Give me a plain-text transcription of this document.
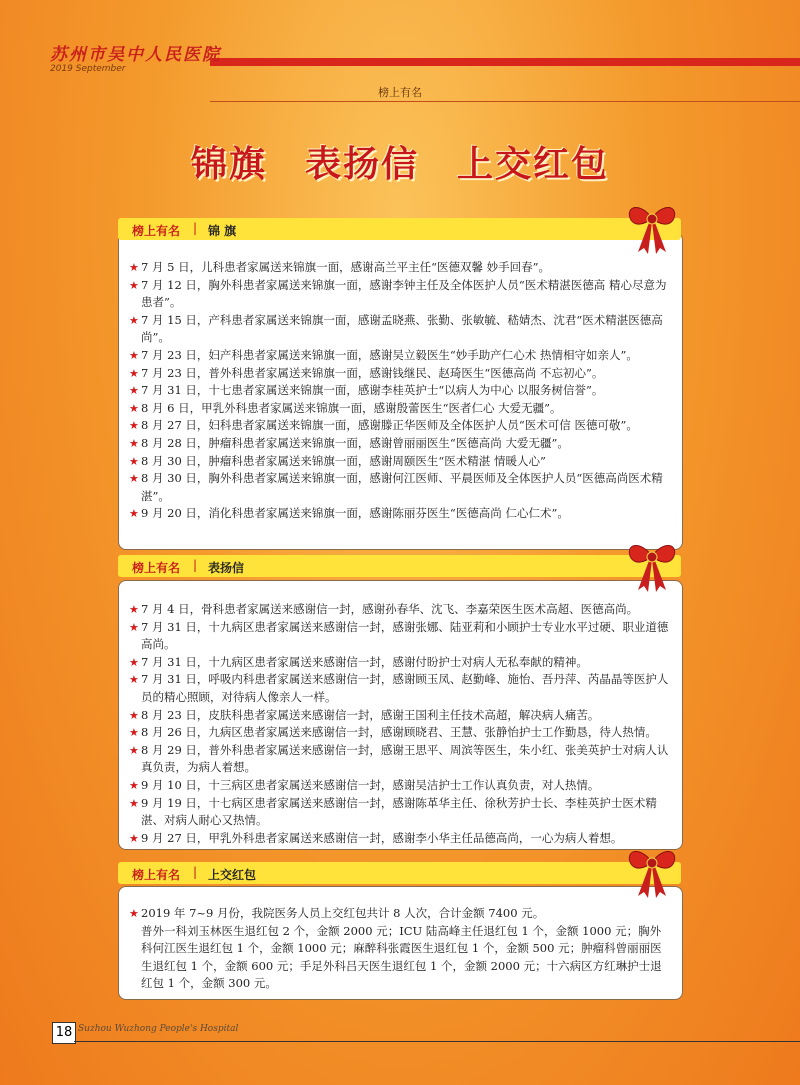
苏州市吴中人民医院
2019 September
榜上有名
锦旗　表扬信　上交红包
★ 7 月 5 日，儿科患者家属送来锦旗一面，感谢高兰平主任“医德双馨 妙手回春”。
★ 7 月 12 日，胸外科患者家属送来锦旗一面，感谢李钟主任及全体医护人员“医术精湛医德高 精心尽意为患者”。
★ 7 月 15 日，产科患者家属送来锦旗一面，感谢孟晓燕、张勤、张敏毓、嵇婧杰、沈君“医术精湛医德高尚”。
★ 7 月 23 日，妇产科患者家属送来锦旗一面，感谢吴立毅医生“妙手助产仁心术 热情相守如亲人”。
★ 7 月 23 日，普外科患者家属送来锦旗一面，感谢钱继民、赵琦医生“医德高尚 不忘初心”。
★ 7 月 31 日，十七患者家属送来锦旗一面，感谢李桂英护士“以病人为中心 以服务树信誉”。
★ 8 月 6 日，甲乳外科患者家属送来锦旗一面，感谢殷蕾医生“医者仁心 大爱无疆”。
★ 8 月 27 日，妇科患者家属送来锦旗一面，感谢滕正华医师及全体医护人员“医术可信 医德可敬”。
★ 8 月 28 日，肿瘤科患者家属送来锦旗一面，感谢曾丽丽医生“医德高尚 大爱无疆”。
★ 8 月 30 日，肿瘤科患者家属送来锦旗一面，感谢周颐医生“医术精湛 情暖人心”
★ 8 月 30 日，胸外科患者家属送来锦旗一面，感谢何江医师、平晨医师及全体医护人员“医德高尚医术精湛”。
★ 9 月 20 日，消化科患者家属送来锦旗一面，感谢陈丽芬医生“医德高尚 仁心仁术”。
榜上有名 | 锦 旗
★ 7 月 4 日，骨科患者家属送来感谢信一封，感谢孙春华、沈飞、李嘉荣医生医术高超、医德高尚。
★ 7 月 31 日，十九病区患者家属送来感谢信一封，感谢张娜、陆亚莉和小顾护士专业水平过硬、职业道德高尚。
★ 7 月 31 日，十九病区患者家属送来感谢信一封，感谢付盼护士对病人无私奉献的精神。
★ 7 月 31 日，呼吸内科患者家属送来感谢信一封，感谢顾玉凤、赵勤峰、施怡、吾丹萍、芮晶晶等医护人员的精心照顾，对待病人像亲人一样。
★ 8 月 23 日，皮肤科患者家属送来感谢信一封，感谢王国利主任技术高超，解决病人痛苦。
★ 8 月 26 日，九病区患者家属送来感谢信一封，感谢顾晓君、王慧、张静怡护士工作勤恳，待人热情。
★ 8 月 29 日，普外科患者家属送来感谢信一封，感谢王思平、周滨等医生，朱小红、张美英护士对病人认真负责，为病人着想。
★ 9 月 10 日，十三病区患者家属送来感谢信一封，感谢吴洁护士工作认真负责，对人热情。
★ 9 月 19 日，十七病区患者家属送来感谢信一封，感谢陈革华主任、徐秋芳护士长、李桂英护士医术精湛、对病人耐心又热情。
★ 9 月 27 日，甲乳外科患者家属送来感谢信一封，感谢李小华主任品德高尚，一心为病人着想。
榜上有名 | 表扬信
★ 2019 年 7~9 月份，我院医务人员上交红包共计 8 人次，合计金额 7400 元。
普外一科刘玉林医生退红包 2 个，金额 2000 元；ICU 陆高峰主任退红包 1 个，金额 1000 元；胸外科何江医生退红包 1 个，金额 1000 元；麻醉科张霞医生退红包 1 个，金额 500 元；肿瘤科曾丽丽医生退红包 1 个，金额 600 元；手足外科吕天医生退红包 1 个，金额 2000 元；十六病区方红琳护士退红包 1 个，金额 300 元。
榜上有名 | 上交红包
18 Suzhou Wuzhong People's Hospital
